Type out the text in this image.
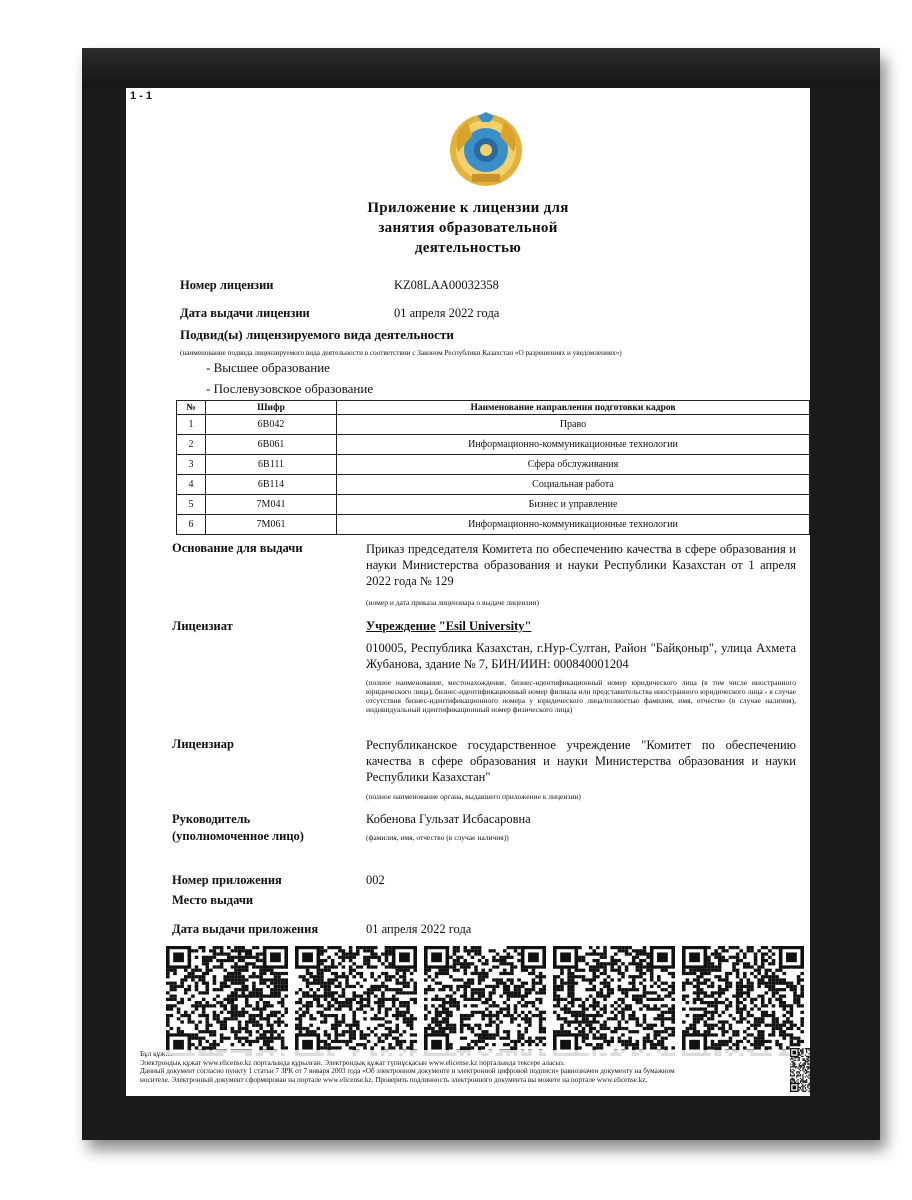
1 - 1
Приложение к лицензии для
занятия образовательной
деятельностью
Номер лицензии	KZ08LAA00032358
Дата выдачи лицензии	01 апреля 2022 года
Подвид(ы) лицензируемого вида деятельности
(наименование подвида лицензируемого вида деятельности в соответствии с Законом Республики Казахстан «О разрешениях и уведомлениях»)
- Высшее образование
- Послевузовское образование
№	Шифр	Наименование направления подготовки кадров
1	6B042	Право
2	6B061	Информационно-коммуникационные технологии
3	6B111	Сфера обслуживания
4	6B114	Социальная работа
5	7M041	Бизнес и управление
6	7M061	Информационно-коммуникационные технологии
Основание для выдачи	Приказ председателя Комитета по обеспечению качества в сфере образования и науки Министерства образования и науки Республики Казахстан от 1 апреля 2022 года № 129
(номер и дата приказа лицензиара о выдаче лицензии)
Лицензиат	Учреждение "Esil University"
010005, Республика Казахстан, г.Нур-Султан, Район "Байқоныр", улица Ахмета Жубанова, здание № 7, БИН/ИИН: 000840001204
(полное наименование, местонахождение, бизнес-идентификационный номер юридического лица (в том числе иностранного юридического лица), бизнес-идентификационный номер филиала или представительства иностранного юридического лица - в случае отсутствия бизнес-идентификационного номера у юридического лица/полностью фамилия, имя, отчество (в случае наличия), индивидуальный идентификационный номер физического лица)
Лицензиар	Республиканское государственное учреждение "Комитет по обеспечению качества в сфере образования и науки Министерства образования и науки Республики Казахстан"
(полное наименование органа, выдавшего приложение к лицензии)
Руководитель
(уполномоченное лицо)
Кобенова Гульзат Исбасаровна
(фамилия, имя, отчество (в случае наличия))
Номер приложения	002
Место выдачи
Дата выдачи приложения	01 апреля 2022 года
Бұл құж…
Электрондық құжат www.elicense.kz порталында құрылған. Электрондық құжат түпнұсқасын www.elicense.kz порталында тексере аласыз.
Данный документ согласно пункту 1 статьи 7 ЗРК от 7 января 2003 года «Об электронном документе и электронной цифровой подписи» равнозначен документу на бумажном
носителе. Электронный документ сформирован на портале www.elicense.kz. Проверить подлинность электронного документа вы можете на портале www.elicense.kz.
